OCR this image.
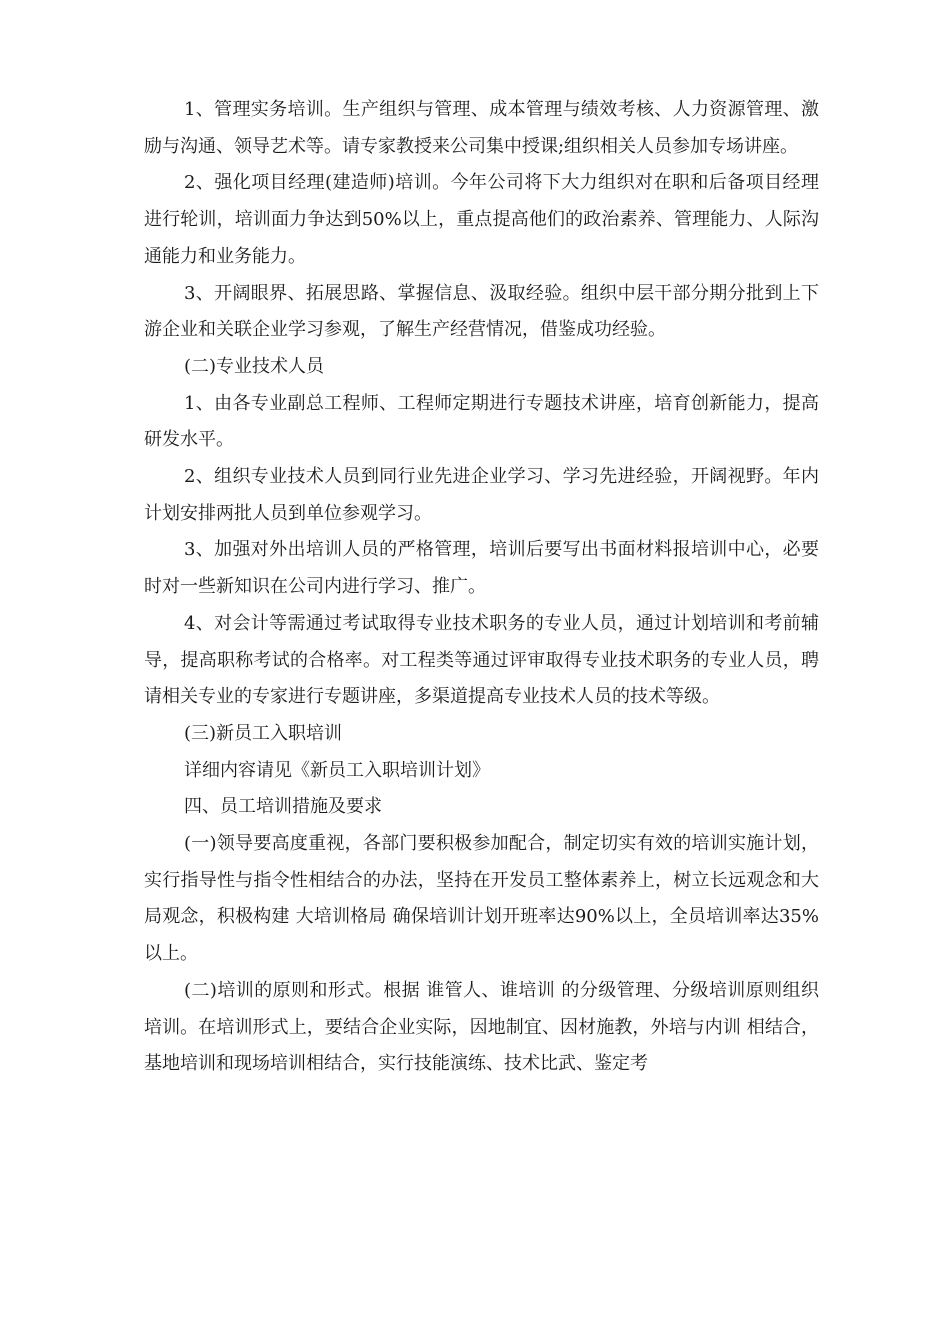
1、管理实务培训。生产组织与管理、成本管理与绩效考核、人力资源管理、激励与沟通、领导艺术等。请专家教授来公司集中授课;组织相关人员参加专场讲座。

2、强化项目经理(建造师)培训。今年公司将下大力组织对在职和后备项目经理进行轮训，培训面力争达到50%以上，重点提高他们的政治素养、管理能力、人际沟通能力和业务能力。

3、开阔眼界、拓展思路、掌握信息、汲取经验。组织中层干部分期分批到上下游企业和关联企业学习参观，了解生产经营情况，借鉴成功经验。

(二)专业技术人员

1、由各专业副总工程师、工程师定期进行专题技术讲座，培育创新能力，提高研发水平。

2、组织专业技术人员到同行业先进企业学习、学习先进经验，开阔视野。年内计划安排两批人员到单位参观学习。

3、加强对外出培训人员的严格管理，培训后要写出书面材料报培训中心，必要时对一些新知识在公司内进行学习、推广。

4、对会计等需通过考试取得专业技术职务的专业人员，通过计划培训和考前辅导，提高职称考试的合格率。对工程类等通过评审取得专业技术职务的专业人员，聘请相关专业的专家进行专题讲座，多渠道提高专业技术人员的技术等级。

(三)新员工入职培训

详细内容请见《新员工入职培训计划》

四、员工培训措施及要求

(一)领导要高度重视，各部门要积极参加配合，制定切实有效的培训实施计划，实行指导性与指令性相结合的办法，坚持在开发员工整体素养上，树立长远观念和大局观念，积极构建 大培训格局 确保培训计划开班率达90%以上，全员培训率达35%以上。

(二)培训的原则和形式。根据 谁管人、谁培训 的分级管理、分级培训原则组织培训。在培训形式上，要结合企业实际，因地制宜、因材施教，外培与内训 相结合，基地培训和现场培训相结合，实行技能演练、技术比武、鉴定考
